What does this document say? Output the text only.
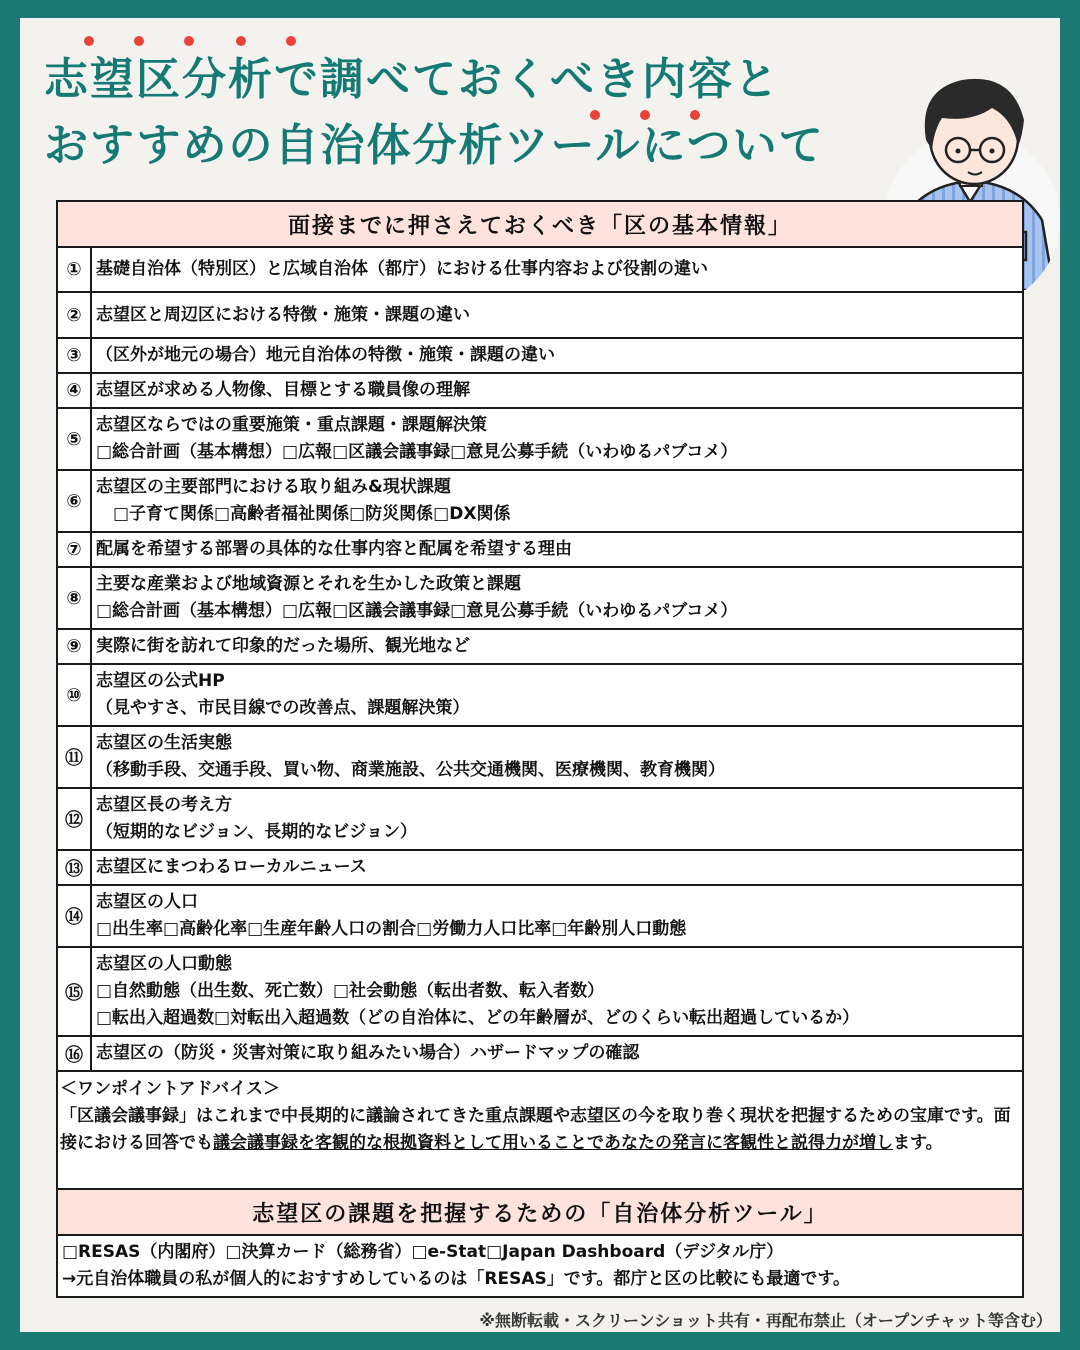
志望区分析で調べておくべき内容と
おすすめの自治体分析ツールについて
面接までに押さえておくべき「区の基本情報」
① 基礎自治体（特別区）と広域自治体（都庁）における仕事内容および役割の違い
② 志望区と周辺区における特徴・施策・課題の違い
③ （区外が地元の場合）地元自治体の特徴・施策・課題の違い
④ 志望区が求める人物像、目標とする職員像の理解
⑤
志望区ならではの重要施策・重点課題・課題解決策
□総合計画（基本構想）□広報□区議会議事録□意見公募手続（いわゆるパブコメ）
⑥
志望区の主要部門における取り組み&現状課題
　□子育て関係□高齢者福祉関係□防災関係□DX関係
⑦ 配属を希望する部署の具体的な仕事内容と配属を希望する理由
⑧
主要な産業および地域資源とそれを生かした政策と課題
□総合計画（基本構想）□広報□区議会議事録□意見公募手続（いわゆるパブコメ）
⑨ 実際に街を訪れて印象的だった場所、観光地など
⑩
志望区の公式HP
（見やすさ、市民目線での改善点、課題解決策）
⑪
志望区の生活実態
（移動手段、交通手段、買い物、商業施設、公共交通機関、医療機関、教育機関）
⑫
志望区長の考え方
（短期的なビジョン、長期的なビジョン）
⑬ 志望区にまつわるローカルニュース
⑭
志望区の人口
□出生率□高齢化率□生産年齢人口の割合□労働力人口比率□年齢別人口動態
⑮
志望区の人口動態
□自然動態（出生数、死亡数）□社会動態（転出者数、転入者数）
□転出入超過数□対転出入超過数（どの自治体に、どの年齢層が、どのくらい転出超過しているか）
⑯ 志望区の（防災・災害対策に取り組みたい場合）ハザードマップの確認

＜ワンポイントアドバイス＞

「区議会議事録」はこれまで中長期的に議論されてきた重点課題や志望区の今を取り巻く現状を把握するための宝庫です。面接における回答でも議会議事録を客観的な根拠資料として用いることであなたの発言に客観性と説得力が増します。

志望区の課題を把握するための「自治体分析ツール」
□RESAS（内閣府）□決算カード（総務省）□e-Stat□Japan Dashboard（デジタル庁）
→元自治体職員の私が個人的におすすめしているのは「RESAS」です。都庁と区の比較にも最適です。
※無断転載・スクリーンショット共有・再配布禁止（オープンチャット等含む）
